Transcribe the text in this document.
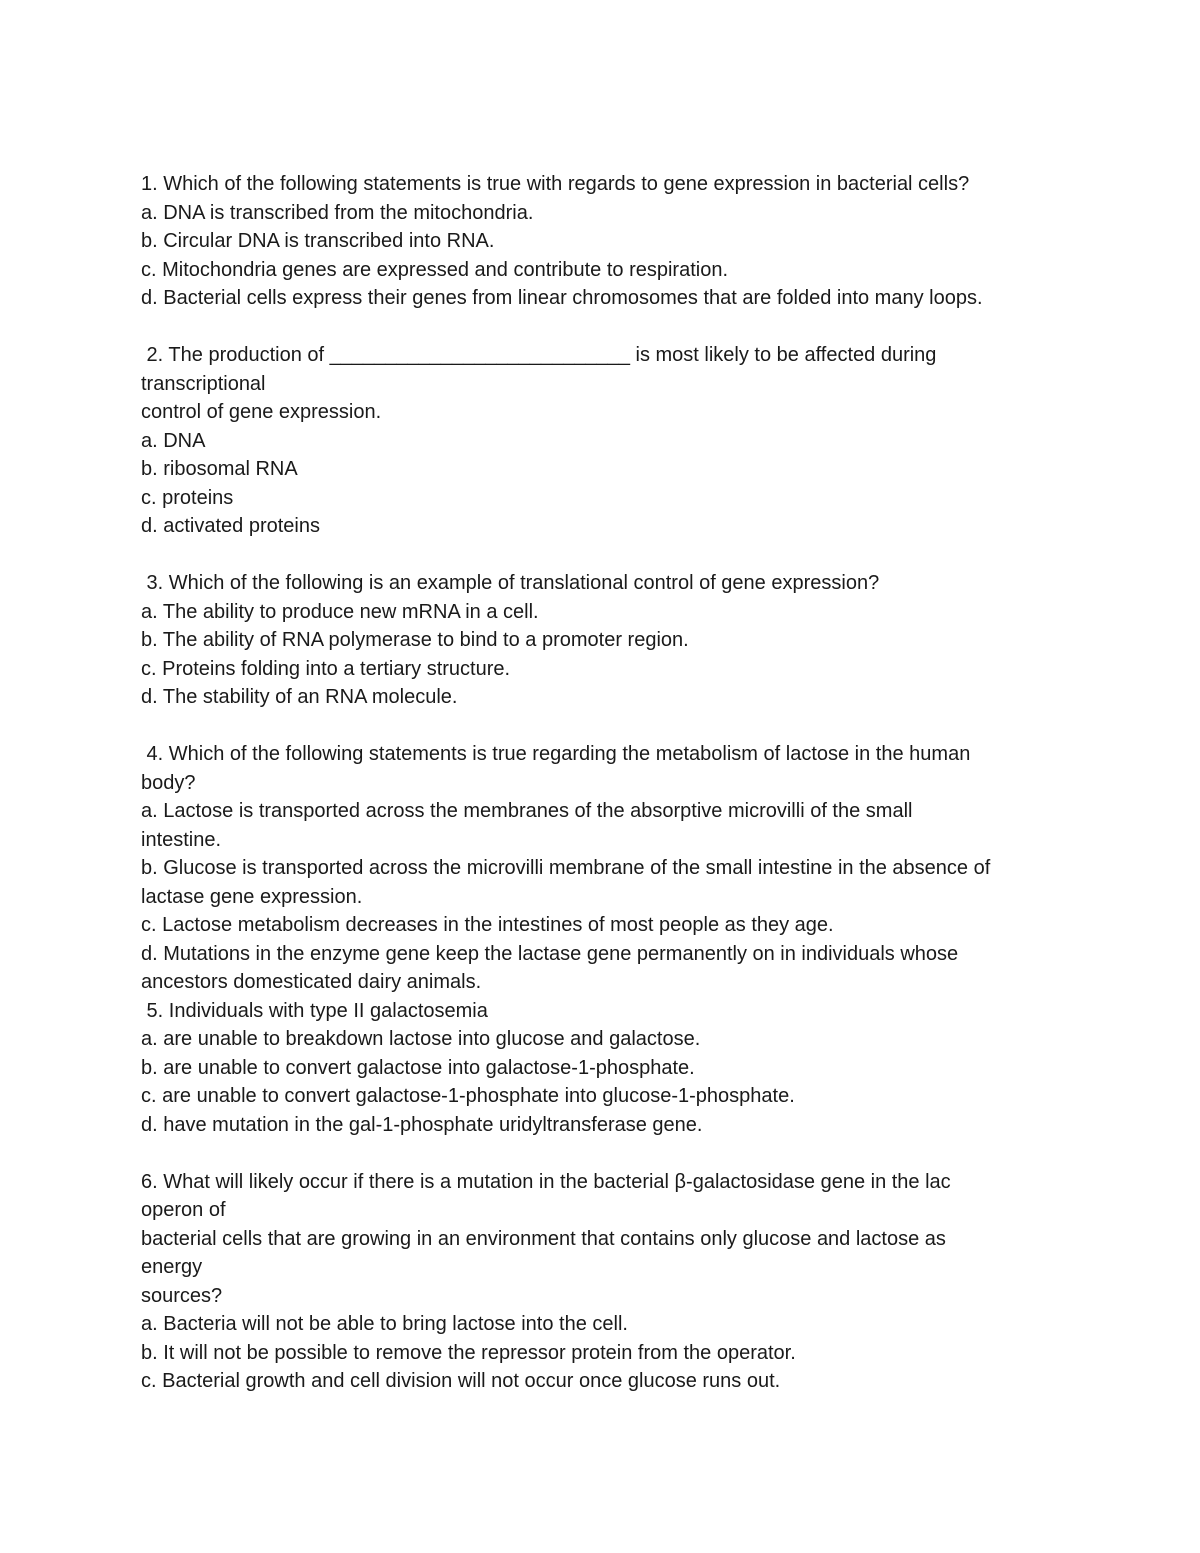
1. Which of the following statements is true with regards to gene expression in bacterial cells?
a. DNA is transcribed from the mitochondria.
b. Circular DNA is transcribed into RNA.
c. Mitochondria genes are expressed and contribute to respiration.
d. Bacterial cells express their genes from linear chromosomes that are folded into many loops.
2. The production of ___________________________ is most likely to be affected during
transcriptional
control of gene expression.
a. DNA
b. ribosomal RNA
c. proteins
d. activated proteins
3. Which of the following is an example of translational control of gene expression?
a. The ability to produce new mRNA in a cell.
b. The ability of RNA polymerase to bind to a promoter region.
c. Proteins folding into a tertiary structure.
d. The stability of an RNA molecule.
4. Which of the following statements is true regarding the metabolism of lactose in the human
body?
a. Lactose is transported across the membranes of the absorptive microvilli of the small
intestine.
b. Glucose is transported across the microvilli membrane of the small intestine in the absence of
lactase gene expression.
c. Lactose metabolism decreases in the intestines of most people as they age.
d. Mutations in the enzyme gene keep the lactase gene permanently on in individuals whose
ancestors domesticated dairy animals.
5. Individuals with type II galactosemia
a. are unable to breakdown lactose into glucose and galactose.
b. are unable to convert galactose into galactose-1-phosphate.
c. are unable to convert galactose-1-phosphate into glucose-1-phosphate.
d. have mutation in the gal-1-phosphate uridyltransferase gene.
6. What will likely occur if there is a mutation in the bacterial β-galactosidase gene in the lac
operon of
bacterial cells that are growing in an environment that contains only glucose and lactose as
energy
sources?
a. Bacteria will not be able to bring lactose into the cell.
b. It will not be possible to remove the repressor protein from the operator.
c. Bacterial growth and cell division will not occur once glucose runs out.
